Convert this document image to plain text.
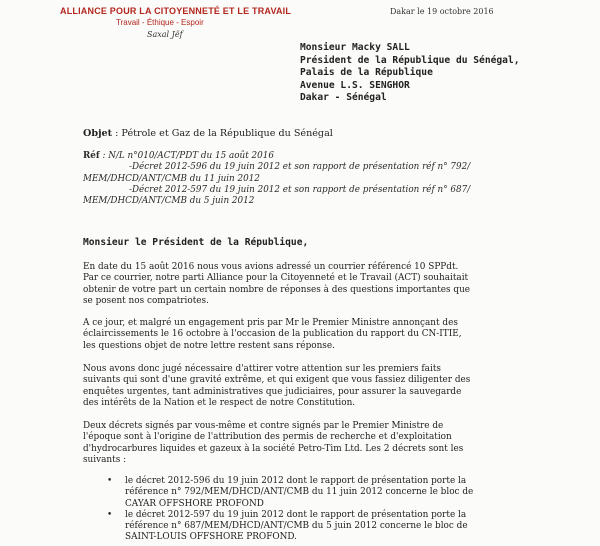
ALLIANCE POUR LA CITOYENNETÉ ET LE TRAVAIL
Travail - Éthique - Espoir
Saxal Jëf
Dakar le 19 octobre 2016
Monsieur Macky SALL
Président de la République du Sénégal,
Palais de la République
Avenue L.S. SENGHOR
Dakar - Sénégal
Objet : Pétrole et Gaz de la République du Sénégal
Réf : N/L n°010/ACT/PDT du 15 août 2016
-Décret 2012-596 du 19 juin 2012 et son rapport de présentation réf n° 792/
MEM/DHCD/ANT/CMB du 11 juin 2012
-Décret 2012-597 du 19 juin 2012 et son rapport de présentation réf n° 687/
MEM/DHCD/ANT/CMB du 5 juin 2012
Monsieur le Président de la République,
En date du 15 août 2016 nous vous avions adressé un courrier référencé 10 SPPdt.
Par ce courrier, notre parti Alliance pour la Citoyenneté et le Travail (ACT) souhaitait
obtenir de votre part un certain nombre de réponses à des questions importantes que
se posent nos compatriotes.
A ce jour, et malgré un engagement pris par Mr le Premier Ministre annonçant des
éclaircissements le 16 octobre à l'occasion de la publication du rapport du CN-ITIE,
les questions objet de notre lettre restent sans réponse.
Nous avons donc jugé nécessaire d'attirer votre attention sur les premiers faits
suivants qui sont d'une gravité extrême, et qui exigent que vous fassiez diligenter des
enquêtes urgentes, tant administratives que judiciaires, pour assurer la sauvegarde
des intérêts de la Nation et le respect de notre Constitution.
Deux décrets signés par vous-même et contre signés par le Premier Ministre de
l'époque sont à l'origine de l'attribution des permis de recherche et d'exploitation
d'hydrocarbures liquides et gazeux à la société Petro-Tim Ltd. Les 2 décrets sont les
suivants :
• le décret 2012-596 du 19 juin 2012 dont le rapport de présentation porte la
référence n° 792/MEM/DHCD/ANT/CMB du 11 juin 2012 concerne le bloc de
CAYAR OFFSHORE PROFOND
• le décret 2012-597 du 19 juin 2012 dont le rapport de présentation porte la
référence n° 687/MEM/DHCD/ANT/CMB du 5 juin 2012 concerne le bloc de
SAINT-LOUIS OFFSHORE PROFOND.
